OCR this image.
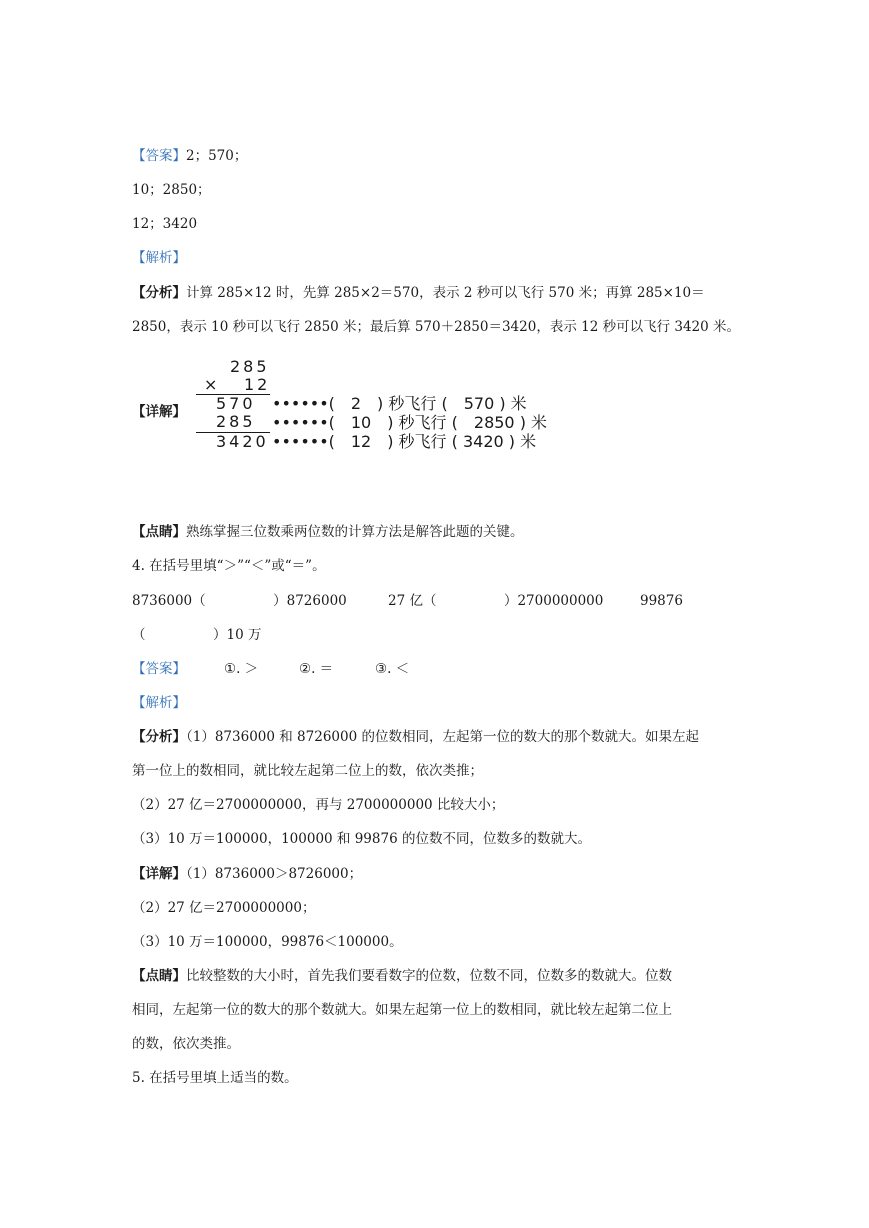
【答案】2；570；
10；2850；
12；3420
【解析】
【分析】计算 285×12 时，先算 285×2＝570，表示 2 秒可以飞行 570 米；再算 285×10＝
2850，表示 10 秒可以飞行 2850 米；最后算 570＋2850＝3420，表示 12 秒可以飞行 3420 米。
【详解】
285
× 12
570 ••••••(　2　) 秒飞行 (　570 ) 米
285 ••••••(　10　) 秒飞行 (　2850 ) 米
3420 ••••••(　12　) 秒飞行 ( 3420 ) 米
【点睛】熟练掌握三位数乘两位数的计算方法是解答此题的关键。
4. 在括号里填“＞”“＜”或“＝”。
8736000（　　　　　）8726000	27 亿（　　　　　）2700000000	99876
（　　　　　）10 万
【答案】	①. ＞	②. ＝	③. ＜
【解析】
【分析】（1）8736000 和 8726000 的位数相同，左起第一位的数大的那个数就大。如果左起
第一位上的数相同，就比较左起第二位上的数，依次类推；
（2）27 亿＝2700000000，再与 2700000000 比较大小；
（3）10 万＝100000，100000 和 99876 的位数不同，位数多的数就大。
【详解】（1）8736000＞8726000；
（2）27 亿＝2700000000；
（3）10 万＝100000，99876＜100000。
【点睛】比较整数的大小时，首先我们要看数字的位数，位数不同，位数多的数就大。位数
相同，左起第一位的数大的那个数就大。如果左起第一位上的数相同，就比较左起第二位上
的数，依次类推。
5. 在括号里填上适当的数。
